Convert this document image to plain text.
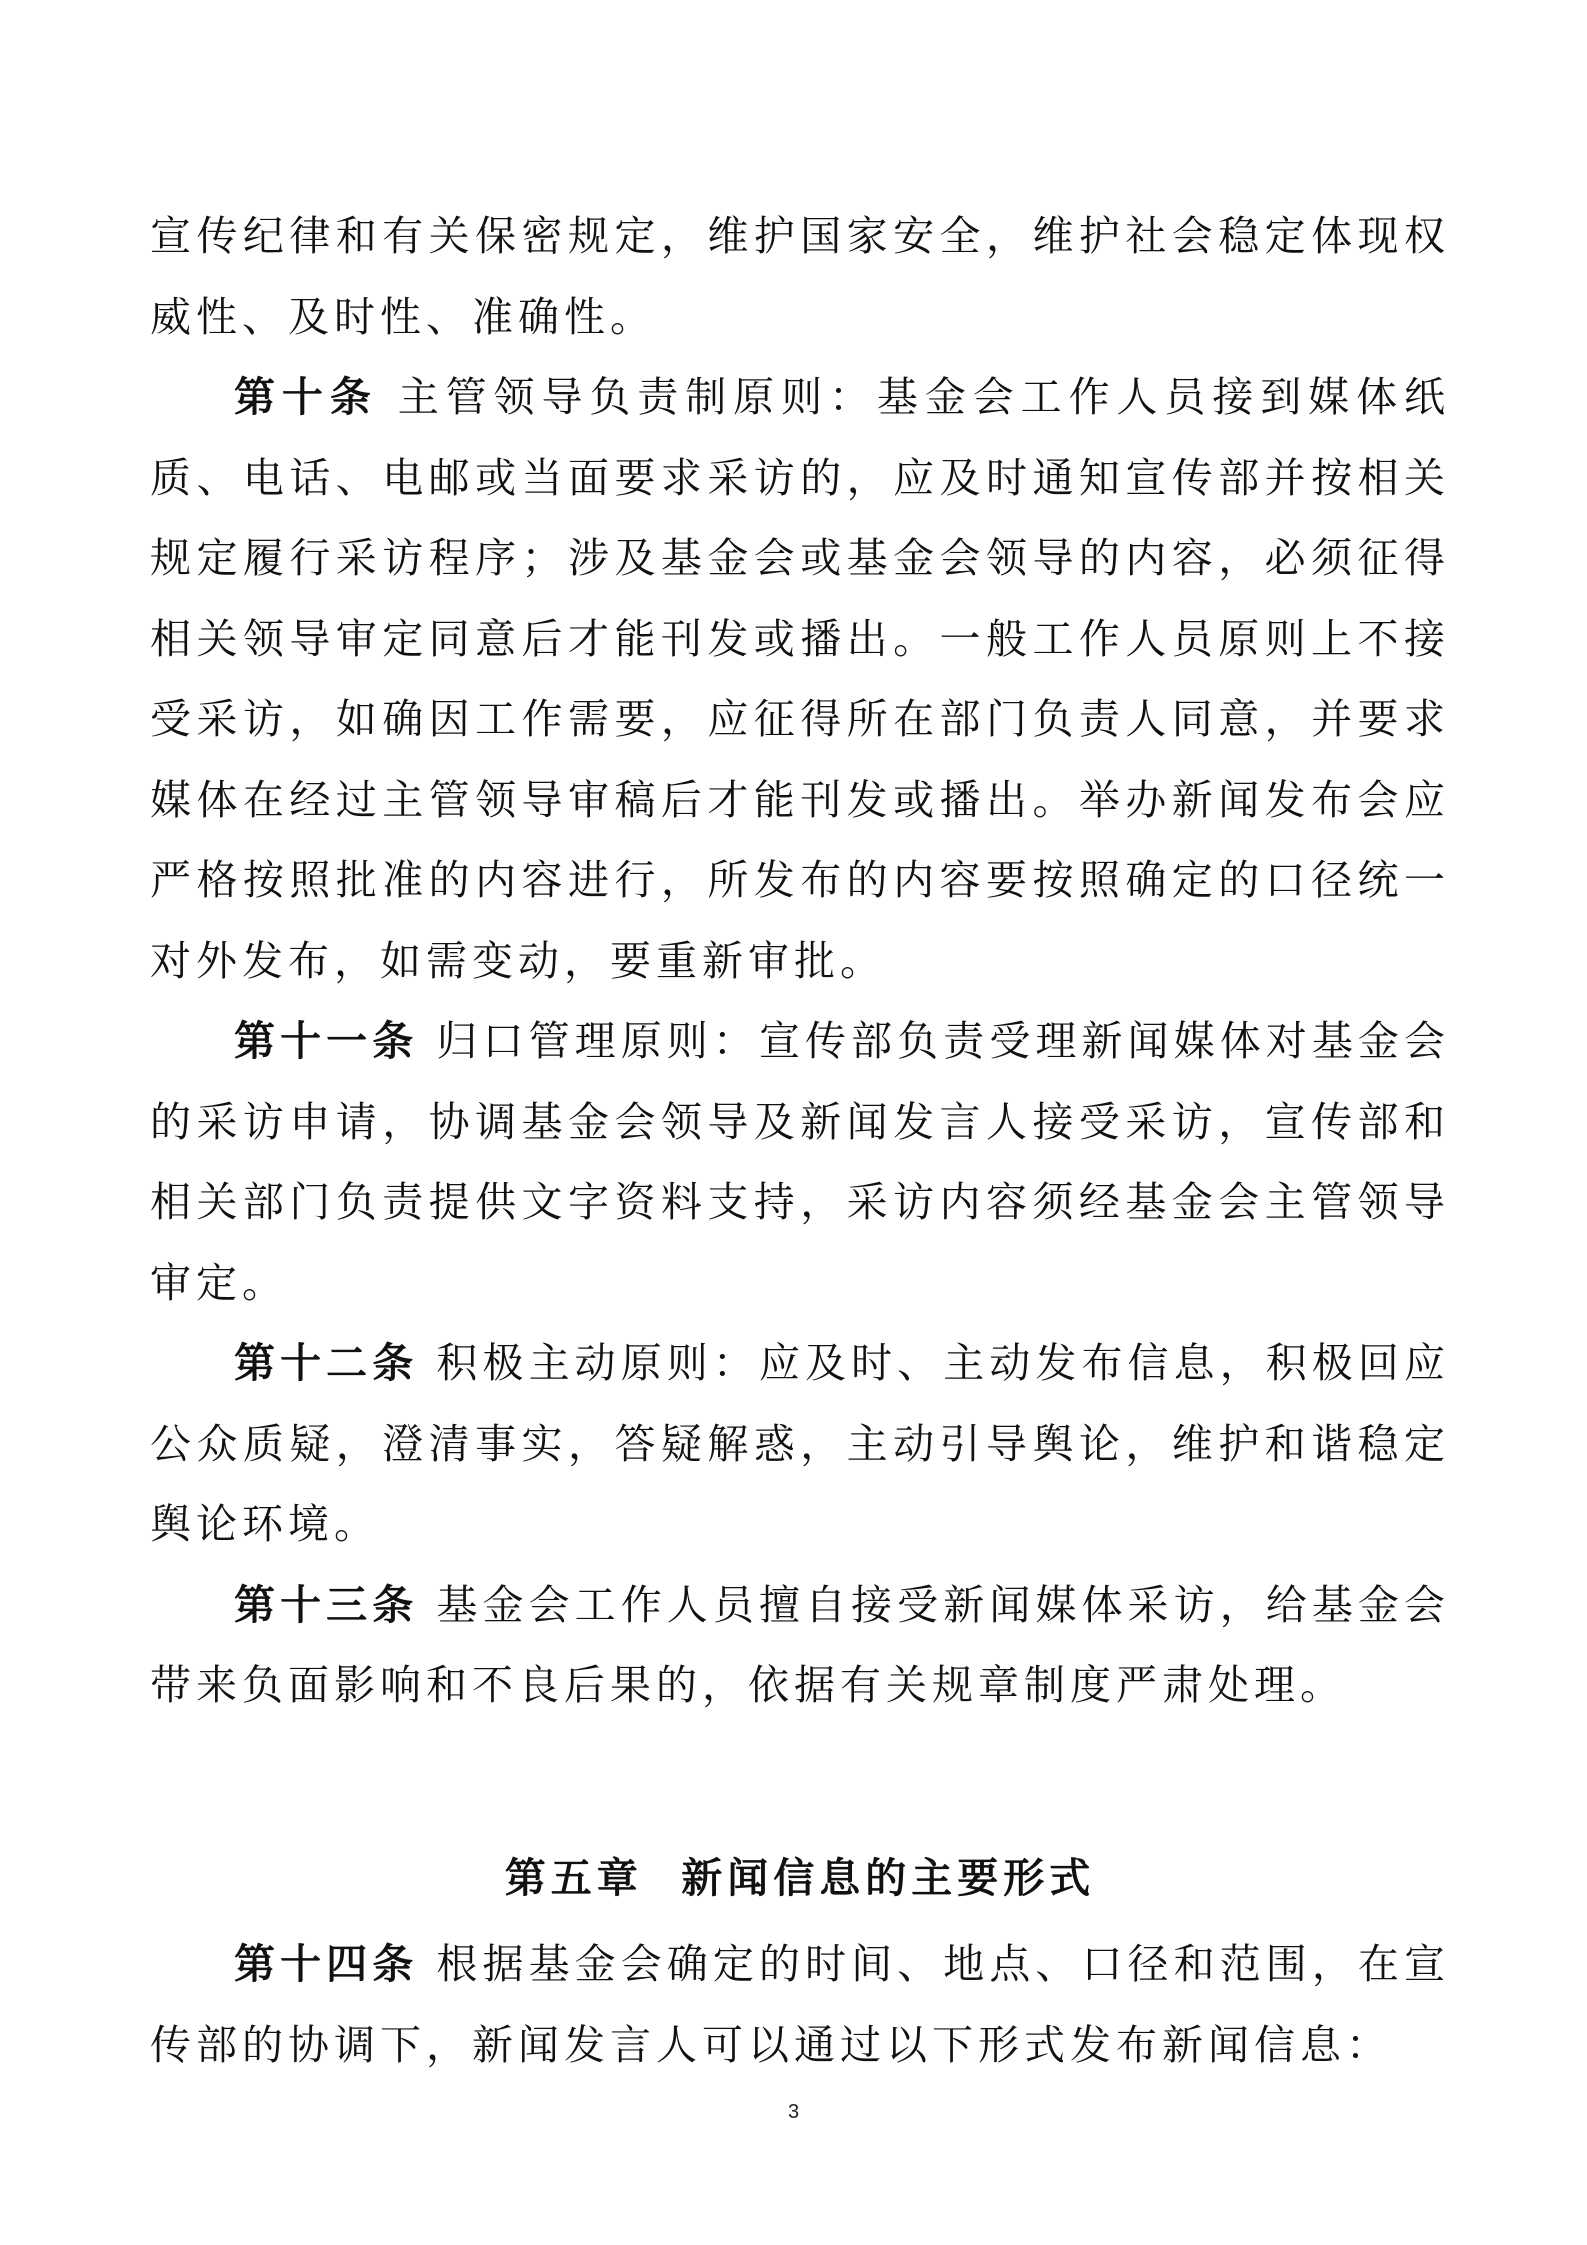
宣传纪律和有关保密规定，维护国家安全，维护社会稳定体现权威性、及时性、准确性。

第十条 主管领导负责制原则：基金会工作人员接到媒体纸质、电话、电邮或当面要求采访的，应及时通知宣传部并按相关规定履行采访程序；涉及基金会或基金会领导的内容，必须征得相关领导审定同意后才能刊发或播出。一般工作人员原则上不接受采访，如确因工作需要，应征得所在部门负责人同意，并要求媒体在经过主管领导审稿后才能刊发或播出。举办新闻发布会应严格按照批准的内容进行，所发布的内容要按照确定的口径统一对外发布，如需变动，要重新审批。

第十一条 归口管理原则：宣传部负责受理新闻媒体对基金会的采访申请，协调基金会领导及新闻发言人接受采访，宣传部和相关部门负责提供文字资料支持，采访内容须经基金会主管领导审定。

第十二条 积极主动原则：应及时、主动发布信息，积极回应公众质疑，澄清事实，答疑解惑，主动引导舆论，维护和谐稳定舆论环境。

第十三条 基金会工作人员擅自接受新闻媒体采访，给基金会带来负面影响和不良后果的，依据有关规章制度严肃处理。

第五章  新闻信息的主要形式

第十四条 根据基金会确定的时间、地点、口径和范围，在宣传部的协调下，新闻发言人可以通过以下形式发布新闻信息：

3
